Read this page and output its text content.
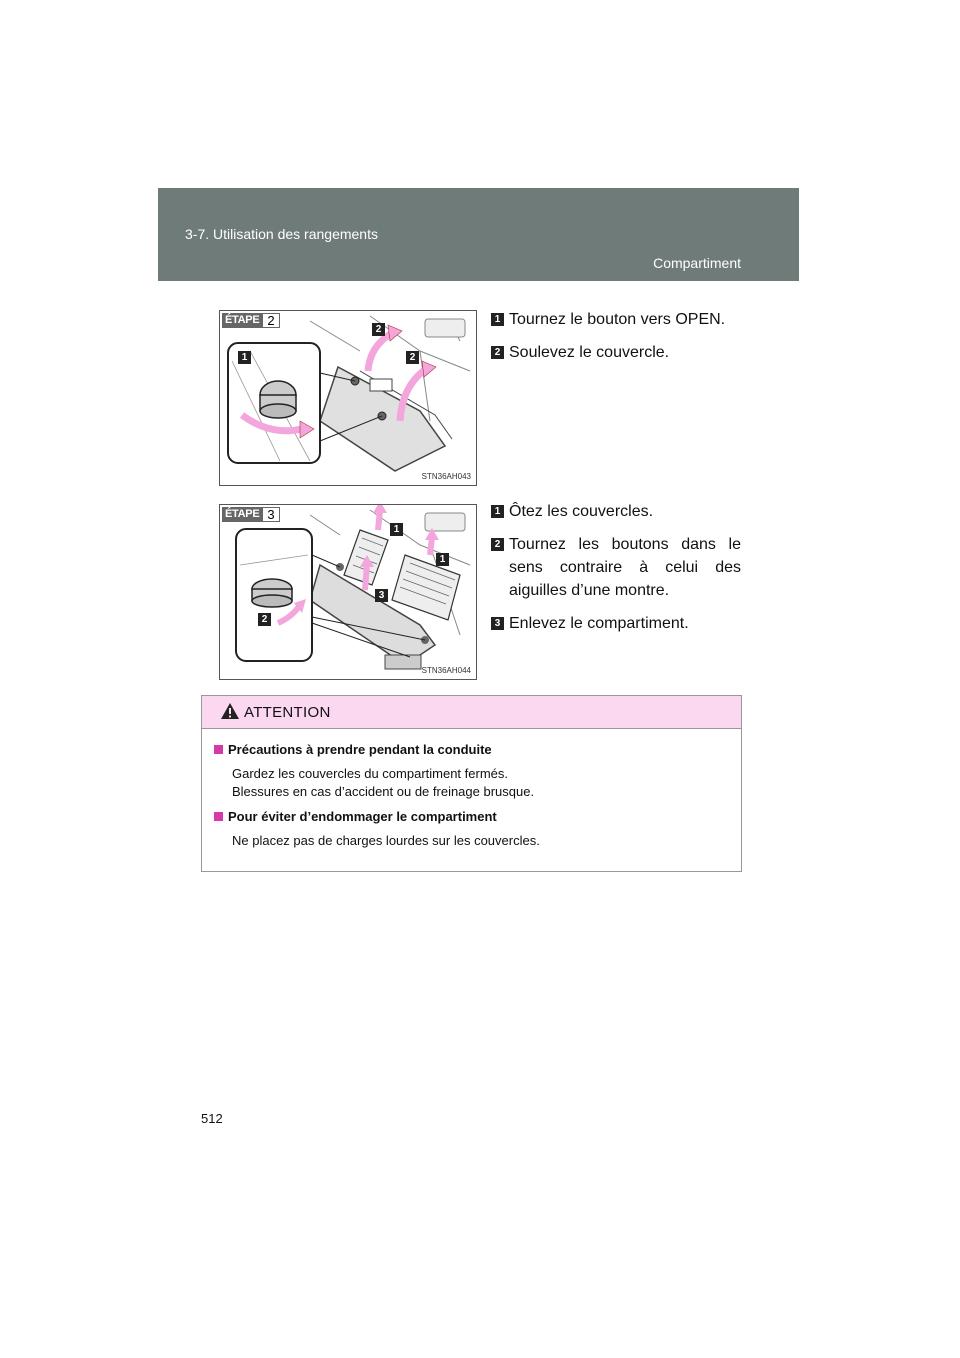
3-7. Utilisation des rangements
Compartiment
ÉTAPE 2
1
2
2
STN36AH043
1 Tournez le bouton vers OPEN.
2 Soulevez le couvercle.
ÉTAPE 3
1
1
3
2
STN36AH044
1 Ôtez les couvercles.
2 Tournez les boutons dans le sens contraire à celui des aiguilles d’une montre.
3 Enlevez le compartiment.
ATTENTION
Précautions à prendre pendant la conduite
Gardez les couvercles du compartiment fermés.
Blessures en cas d’accident ou de freinage brusque.
Pour éviter d’endommager le compartiment
Ne placez pas de charges lourdes sur les couvercles.
512
